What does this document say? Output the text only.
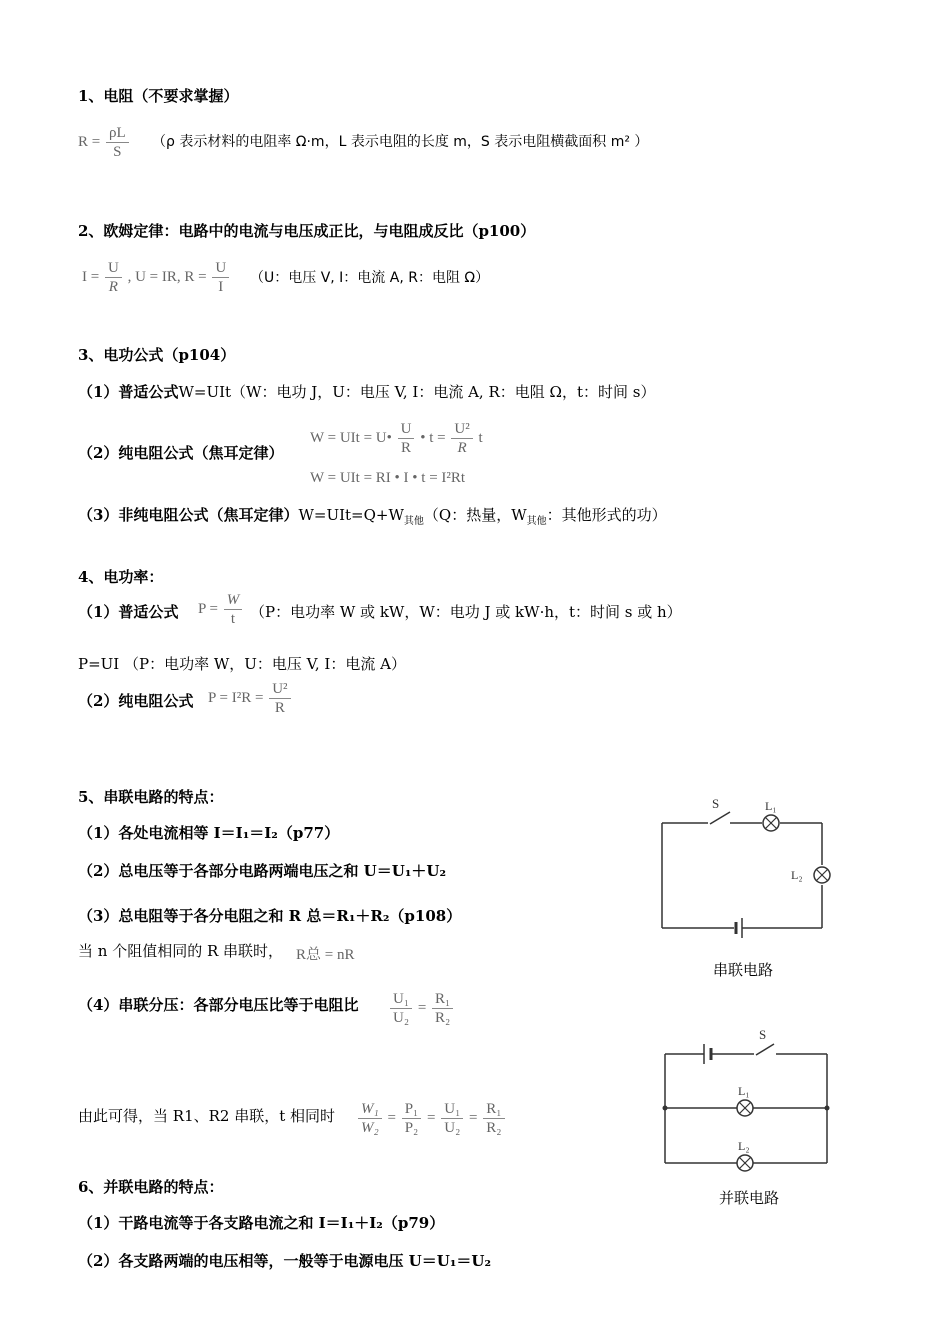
1、电阻（不要求掌握）
$R = \frac{\rho L}{S} (\rho$ 表示材料的电阻率 Ω·m，L 表示电阻的长度 m，S 表示电阻横截面积 m² ）
2、欧姆定律：电路中的电流与电压成正比，与电阻成反比（p100）
$I = \frac{U}{R}$ , U = IR, $R = \frac{U}{I} (U$：电压 V, I：电流 A, R：电阻 Ω）
3、电功公式（p104）
（1）普适公式W=UIt（W：电功 J，U：电压 V, I：电流 A, R：电阻 Ω，t：时间 s）
（2）纯电阻公式（焦耳定律）
W = UIt = U• $\frac{U}{R}$ • $t = \frac{\text{U²}}{R}$ t
W = UIt = RI • I • t = I²Rt
（3）非纯电阻公式（焦耳定律）$W=UIt=Q+W_{其他}(Q$：热量，$W_{其他}$：其他形式的功）
4、电功率：
（1）普适公式 $P = \frac{W}{t} (P$：电功率 W 或 kW，W：电功 J 或 kW·h，t：时间 s 或 h）
P=UI （P：电功率 W，U：电压 V, I：电流 A）
（2）纯电阻公式 $P = I^2R = \frac{\text{U²}}{R}$
5、串联电路的特点：
（1）各处电流相等 I＝I₁＝I₂（p77）
（2）总电压等于各部分电路两端电压之和 U＝U₁＋U₂
（3）总电阻等于各分电阻之和 R 总＝R₁＋R₂（p108）
当 n 个阻值相同的 R 串联时， R总 = nR
（4）串联分压：各部分电压比等于电阻比 $\frac{\text{U₁}}{\text{U₂}} = \frac{\text{R₁}}{\text{R₂}}$
由此可得，当 R1、R2 串联，t 相同时 $\frac{\text{W₁}}{\text{W₂}} = \frac{\text{P₁}}{\text{P₂}} = \frac{\text{U₁}}{\text{U₂}} = \frac{\text{R₁}}{\text{R₂}}$
6、并联电路的特点：
（1）干路电流等于各支路电流之和 I＝I₁＋I₂（p79）
（2）各支路两端的电压相等，一般等于电源电压 U＝U₁＝U₂
S	L₁
L₂
串联电路
S
L₁
L₂
并联电路
